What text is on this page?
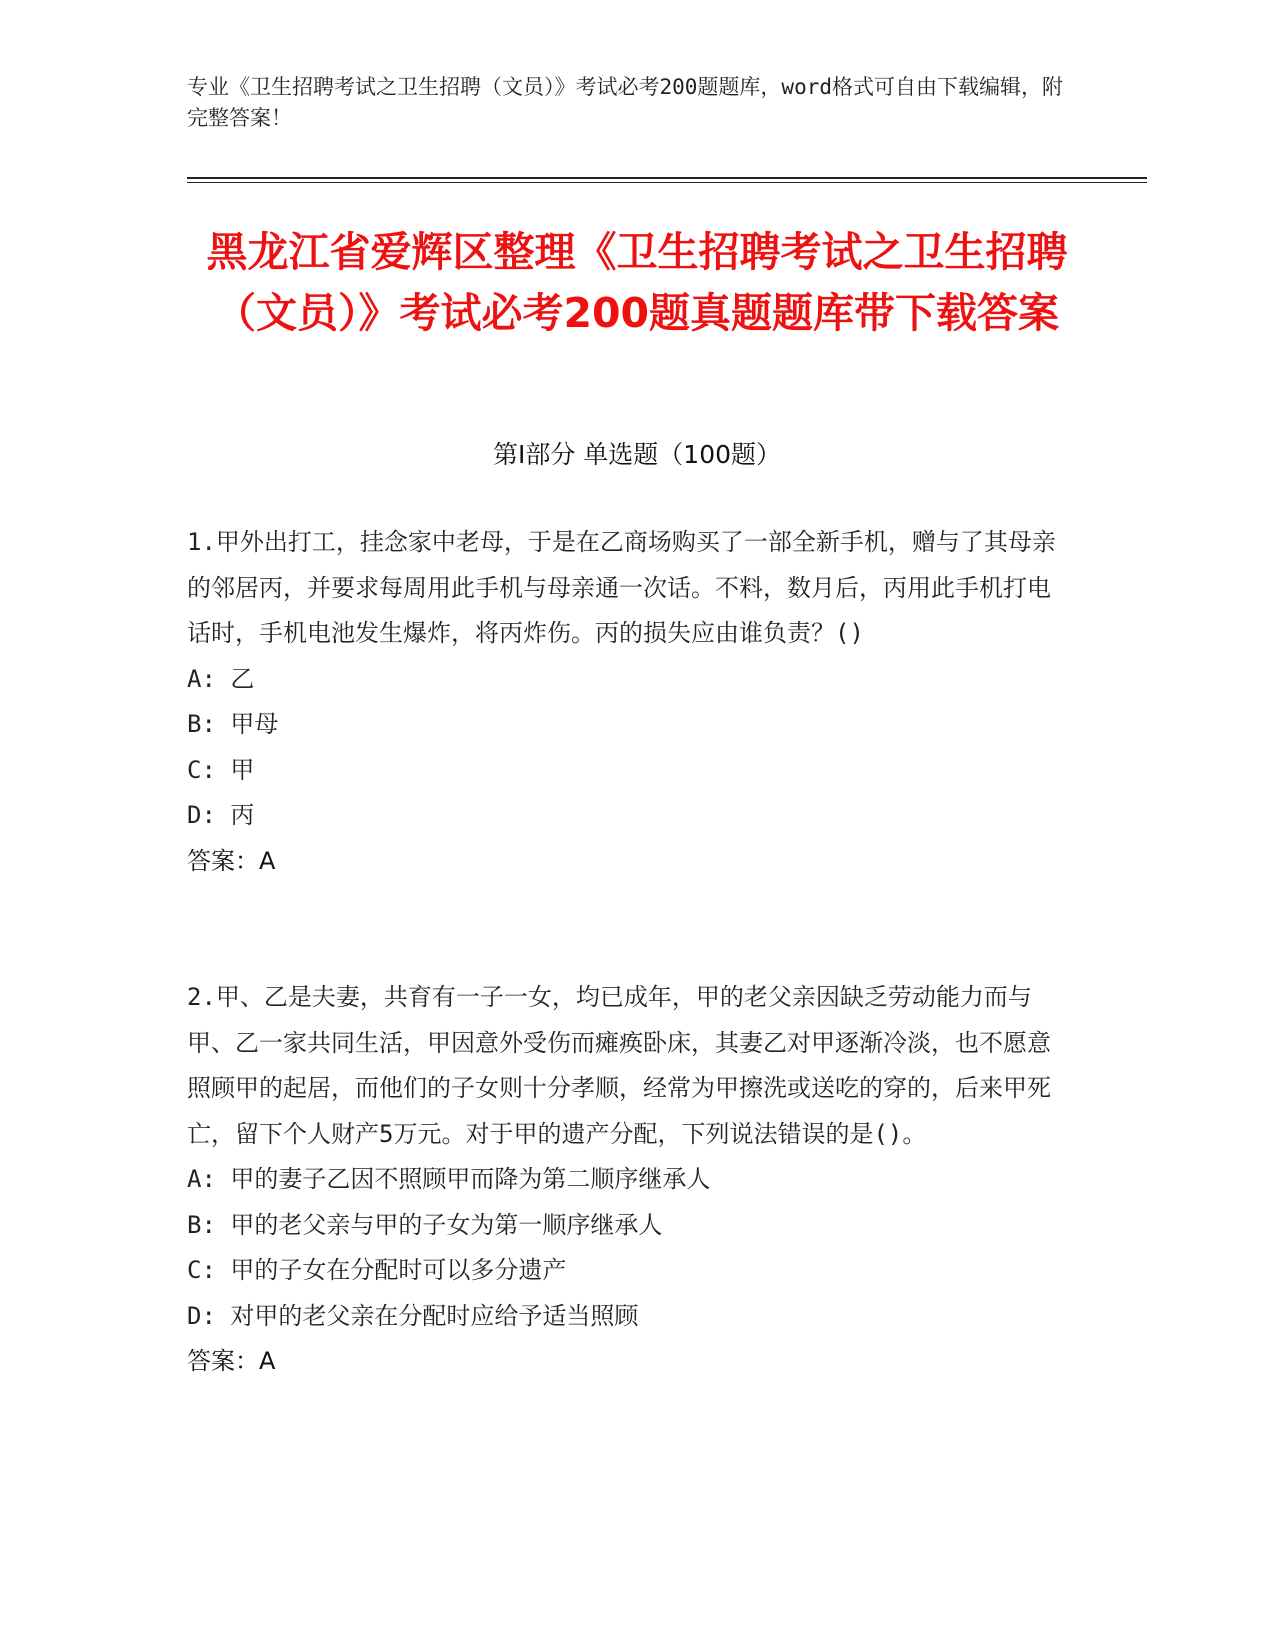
专业《卫生招聘考试之卫生招聘（文员）》考试必考200题题库，word格式可自由下载编辑，附完整答案！
黑龙江省爱辉区整理《卫生招聘考试之卫生招聘（文员）》考试必考200题真题题库带下载答案
第Ⅰ部分 单选题（100题）

1.甲外出打工，挂念家中老母，于是在乙商场购买了一部全新手机，赠与了其母亲的邻居丙，并要求每周用此手机与母亲通一次话。不料，数月后，丙用此手机打电话时，手机电池发生爆炸，将丙炸伤。丙的损失应由谁负责？()

A: 乙

B: 甲母

C: 甲

D: 丙

答案：A

2.甲、乙是夫妻，共育有一子一女，均已成年，甲的老父亲因缺乏劳动能力而与甲、乙一家共同生活，甲因意外受伤而瘫痪卧床，其妻乙对甲逐渐冷淡，也不愿意照顾甲的起居，而他们的子女则十分孝顺，经常为甲擦洗或送吃的穿的，后来甲死亡，留下个人财产5万元。对于甲的遗产分配，下列说法错误的是()。

A: 甲的妻子乙因不照顾甲而降为第二顺序继承人

B: 甲的老父亲与甲的子女为第一顺序继承人

C: 甲的子女在分配时可以多分遗产

D: 对甲的老父亲在分配时应给予适当照顾

答案：A
